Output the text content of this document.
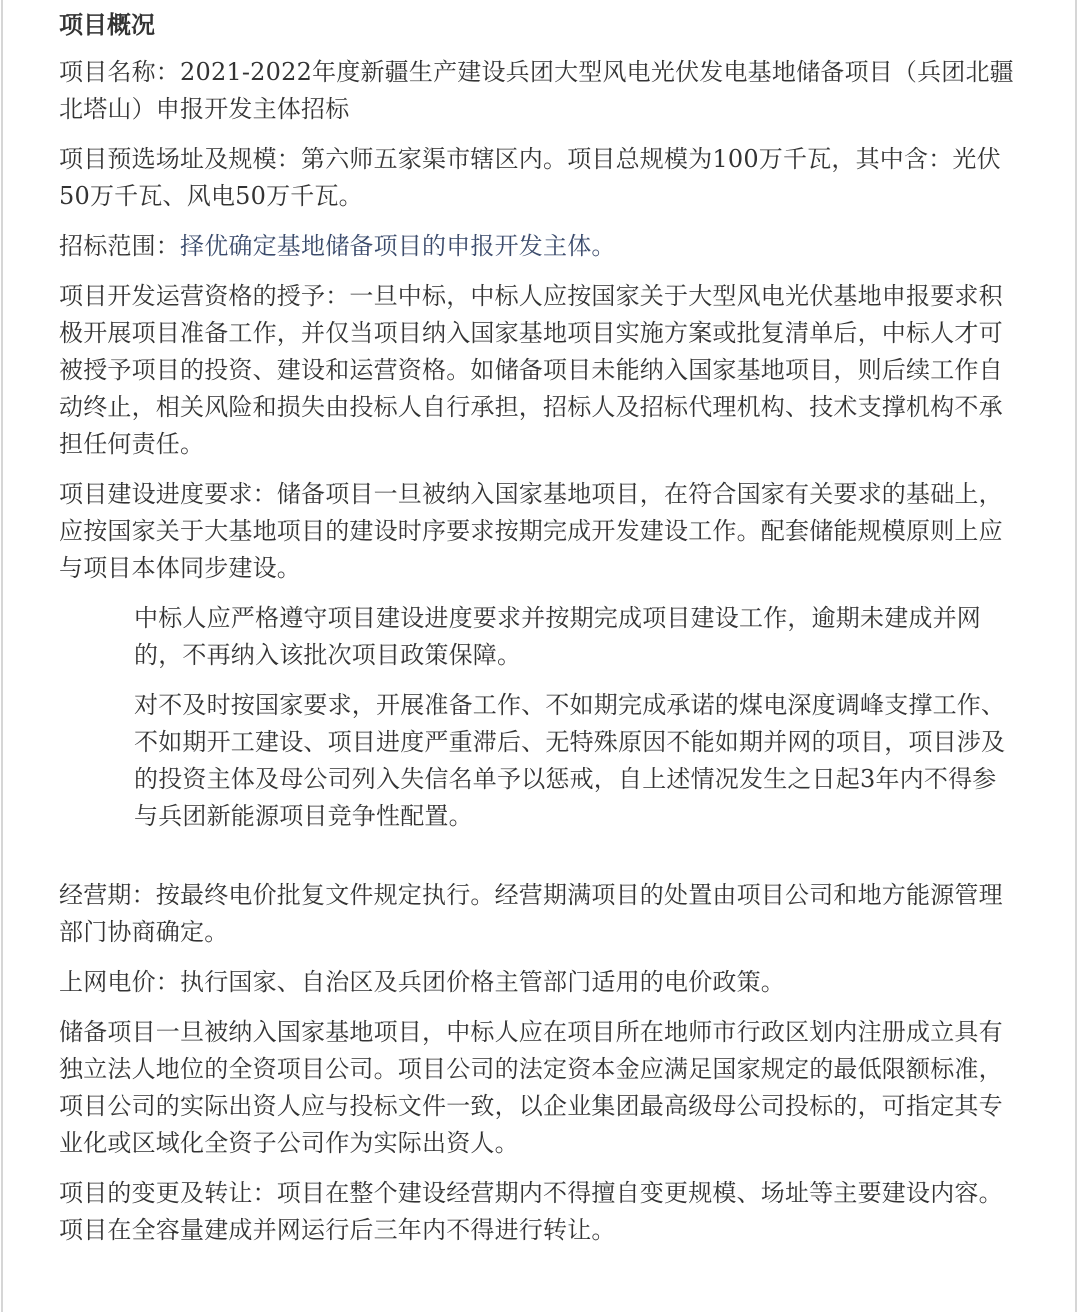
项目概况

项目名称：2021-2022年度新疆生产建设兵团大型风电光伏发电基地储备项目（兵团北疆北塔山）申报开发主体招标

项目预选场址及规模：第六师五家渠市辖区内。项目总规模为100万千瓦，其中含：光伏50万千瓦、风电50万千瓦。

招标范围：择优确定基地储备项目的申报开发主体。

项目开发运营资格的授予：一旦中标，中标人应按国家关于大型风电光伏基地申报要求积极开展项目准备工作，并仅当项目纳入国家基地项目实施方案或批复清单后，中标人才可被授予项目的投资、建设和运营资格。如储备项目未能纳入国家基地项目，则后续工作自动终止，相关风险和损失由投标人自行承担，招标人及招标代理机构、技术支撑机构不承担任何责任。

项目建设进度要求：储备项目一旦被纳入国家基地项目，在符合国家有关要求的基础上，应按国家关于大基地项目的建设时序要求按期完成开发建设工作。配套储能规模原则上应与项目本体同步建设。

中标人应严格遵守项目建设进度要求并按期完成项目建设工作，逾期未建成并网的，不再纳入该批次项目政策保障。

对不及时按国家要求，开展准备工作、不如期完成承诺的煤电深度调峰支撑工作、不如期开工建设、项目进度严重滞后、无特殊原因不能如期并网的项目，项目涉及的投资主体及母公司列入失信名单予以惩戒，自上述情况发生之日起3年内不得参与兵团新能源项目竞争性配置。

经营期：按最终电价批复文件规定执行。经营期满项目的处置由项目公司和地方能源管理部门协商确定。

上网电价：执行国家、自治区及兵团价格主管部门适用的电价政策。

储备项目一旦被纳入国家基地项目，中标人应在项目所在地师市行政区划内注册成立具有独立法人地位的全资项目公司。项目公司的法定资本金应满足国家规定的最低限额标准，项目公司的实际出资人应与投标文件一致，以企业集团最高级母公司投标的，可指定其专业化或区域化全资子公司作为实际出资人。

项目的变更及转让：项目在整个建设经营期内不得擅自变更规模、场址等主要建设内容。项目在全容量建成并网运行后三年内不得进行转让。
